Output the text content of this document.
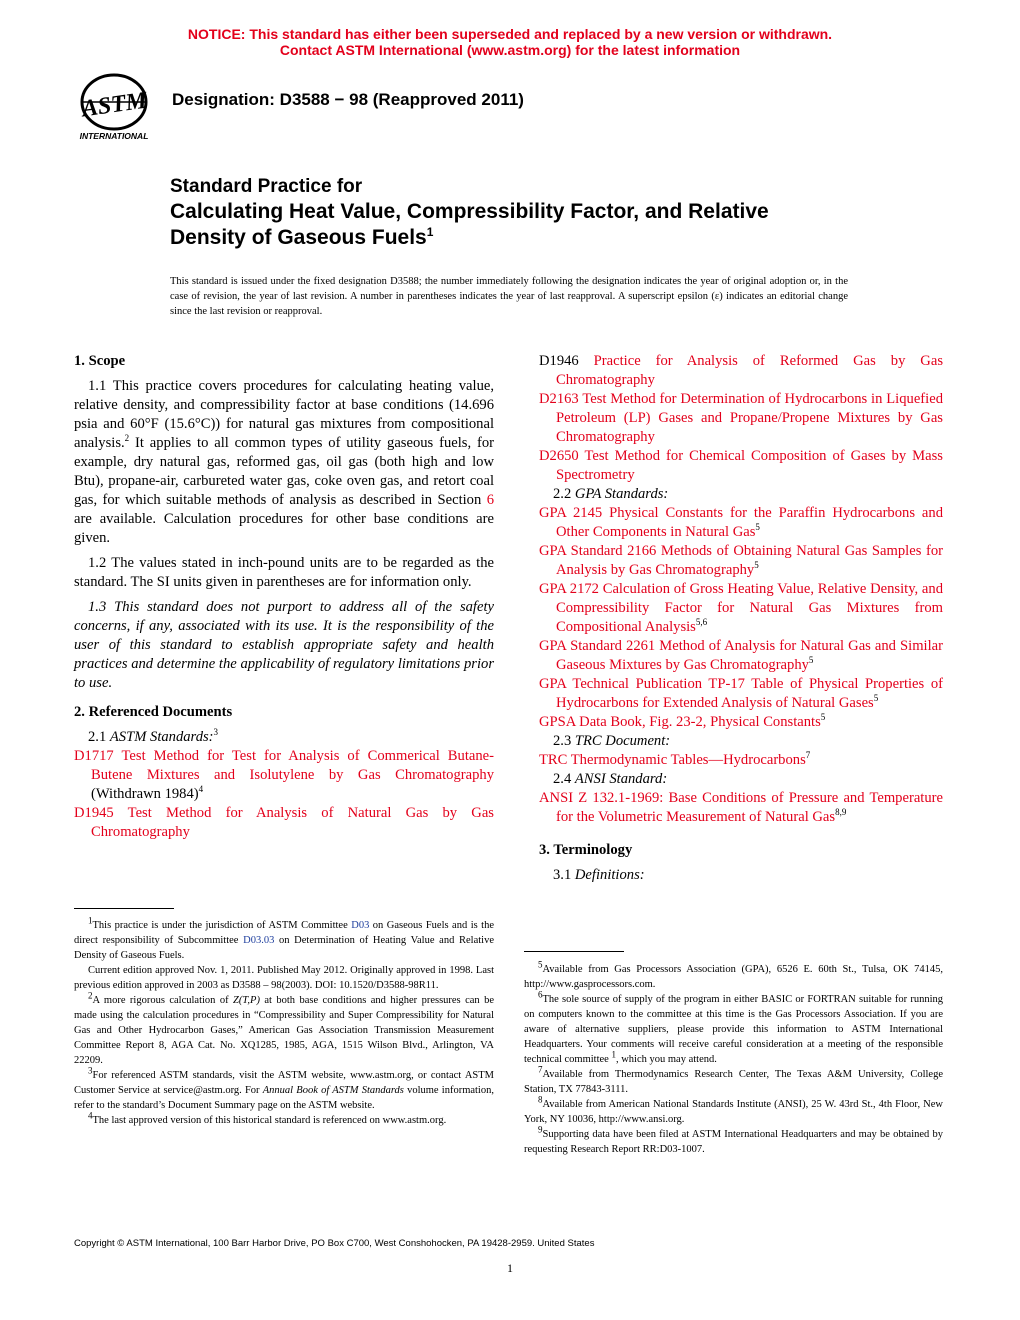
NOTICE: This standard has either been superseded and replaced by a new version or withdrawn.
Contact ASTM International (www.astm.org) for the latest information
ASTM
INTERNATIONAL
Designation: D3588 − 98 (Reapproved 2011)
Standard Practice for
Calculating Heat Value, Compressibility Factor, and Relative
Density of Gaseous Fuels$^1$
This standard is issued under the fixed designation D3588; the number immediately following the designation indicates the year of original adoption or, in the case of revision, the year of last revision. A number in parentheses indicates the year of last reapproval. A superscript epsilon (ε) indicates an editorial change since the last revision or reapproval.
1. Scope
1.1 This practice covers procedures for calculating heating value, relative density, and compressibility factor at base conditions (14.696 psia and 60°F (15.6°C)) for natural gas mixtures from compositional analysis.$^2$ It applies to all common types of utility gaseous fuels, for example, dry natural gas, reformed gas, oil gas (both high and low Btu), propane-air, carbureted water gas, coke oven gas, and retort coal gas, for which suitable methods of analysis as described in Section 6 are available. Calculation procedures for other base conditions are given.
1.2 The values stated in inch-pound units are to be regarded as the standard. The SI units given in parentheses are for information only.
1.3 This standard does not purport to address all of the safety concerns, if any, associated with its use. It is the responsibility of the user of this standard to establish appropriate safety and health practices and determine the applicability of regulatory limitations prior to use.
2. Referenced Documents
2.1 ASTM Standards:$^3$
D1717 Test Method for Test for Analysis of Commerical Butane-Butene Mixtures and Isolutylene by Gas Chromatography (Withdrawn 1984)$^4$
D1945 Test Method for Analysis of Natural Gas by Gas Chromatography
D1946 Practice for Analysis of Reformed Gas by Gas Chromatography
D2163 Test Method for Determination of Hydrocarbons in Liquefied Petroleum (LP) Gases and Propane/Propene Mixtures by Gas Chromatography
D2650 Test Method for Chemical Composition of Gases by Mass Spectrometry
2.2 GPA Standards:
GPA 2145 Physical Constants for the Paraffin Hydrocarbons and Other Components in Natural Gas$^5$
GPA Standard 2166 Methods of Obtaining Natural Gas Samples for Analysis by Gas Chromatography$^5$
GPA 2172 Calculation of Gross Heating Value, Relative Density, and Compressibility Factor for Natural Gas Mixtures from Compositional Analysis$^{5,6}$
GPA Standard 2261 Method of Analysis for Natural Gas and Similar Gaseous Mixtures by Gas Chromatography$^5$
GPA Technical Publication TP-17 Table of Physical Properties of Hydrocarbons for Extended Analysis of Natural Gases$^5$
GPSA Data Book, Fig. 23-2, Physical Constants$^5$
2.3 TRC Document:
TRC Thermodynamic Tables—Hydrocarbons$^7$
2.4 ANSI Standard:
ANSI Z 132.1-1969: Base Conditions of Pressure and Temperature for the Volumetric Measurement of Natural Gas$^{8,9}$
3. Terminology
3.1 Definitions:

$^1$This practice is under the jurisdiction of ASTM Committee D03 on Gaseous Fuels and is the direct responsibility of Subcommittee D03.03 on Determination of Heating Value and Relative Density of Gaseous Fuels.

Current edition approved Nov. 1, 2011. Published May 2012. Originally approved in 1998. Last previous edition approved in 2003 as D3588 – 98(2003). DOI: 10.1520/D3588-98R11.

$^2$A more rigorous calculation of Z(T,P) at both base conditions and higher pressures can be made using the calculation procedures in “Compressibility and Super Compressibility for Natural Gas and Other Hydrocarbon Gases,” American Gas Association Transmission Measurement Committee Report 8, AGA Cat. No. XQ1285, 1985, AGA, 1515 Wilson Blvd., Arlington, VA 22209.

$^3$For referenced ASTM standards, visit the ASTM website, www.astm.org, or contact ASTM Customer Service at service@astm.org. For Annual Book of ASTM Standards volume information, refer to the standard’s Document Summary page on the ASTM website.

$^4$The last approved version of this historical standard is referenced on www.astm.org.

$^5$Available from Gas Processors Association (GPA), 6526 E. 60th St., Tulsa, OK 74145, http://www.gasprocessors.com.

$^6$The sole source of supply of the program in either BASIC or FORTRAN suitable for running on computers known to the committee at this time is the Gas Processors Association. If you are aware of alternative suppliers, please provide this information to ASTM International Headquarters. Your comments will receive careful consideration at a meeting of the responsible technical committee $^1$, which you may attend.

$^7$Available from Thermodynamics Research Center, The Texas A&M University, College Station, TX 77843-3111.

$^8$Available from American National Standards Institute (ANSI), 25 W. 43rd St., 4th Floor, New York, NY 10036, http://www.ansi.org.

$^9$Supporting data have been filed at ASTM International Headquarters and may be obtained by requesting Research Report RR:D03-1007.

Copyright © ASTM International, 100 Barr Harbor Drive, PO Box C700, West Conshohocken, PA 19428-2959. United States
1
